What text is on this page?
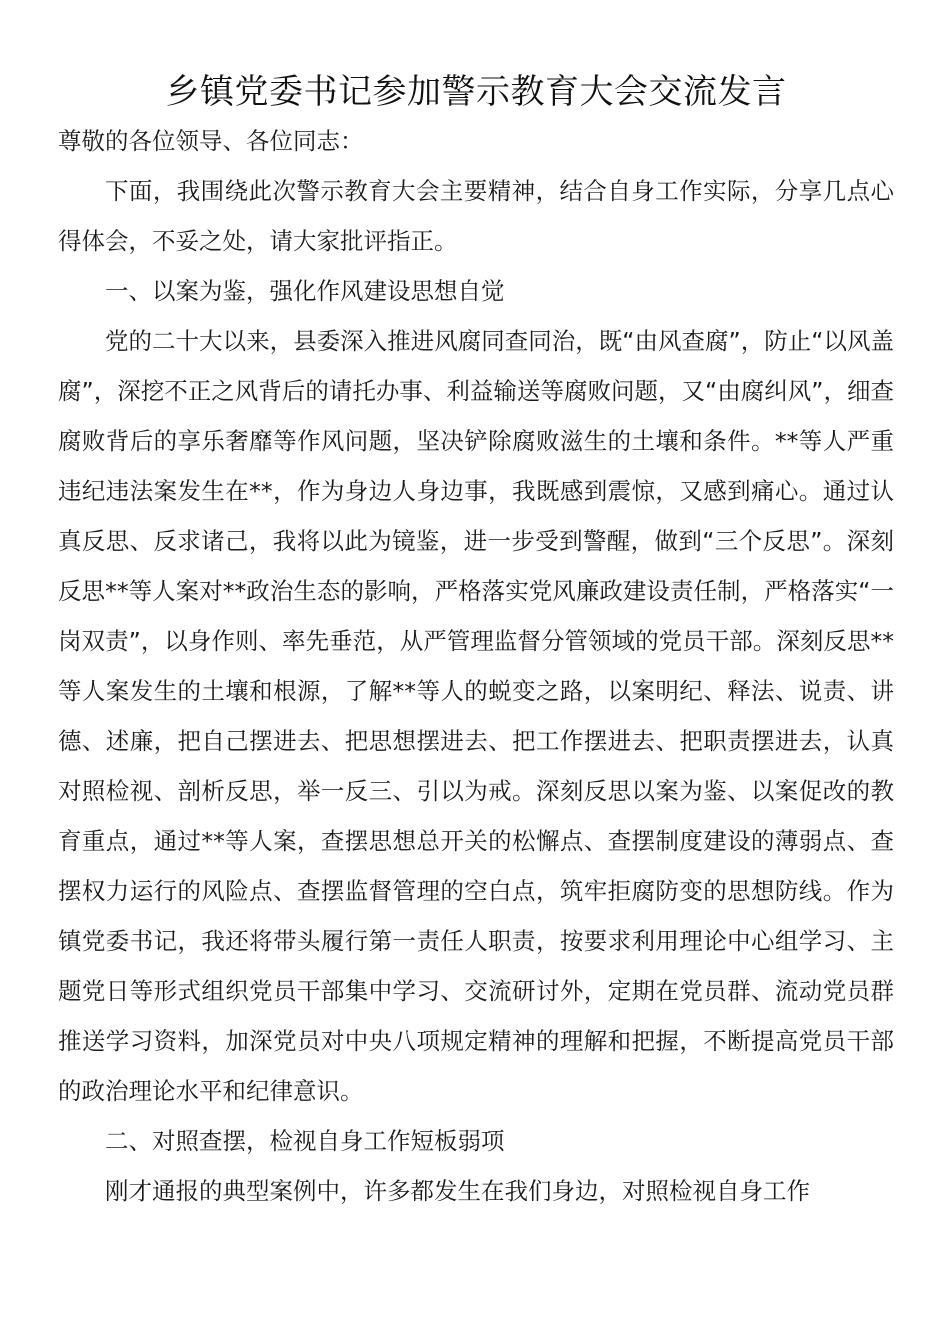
乡镇党委书记参加警示教育大会交流发言

尊敬的各位领导、各位同志：

下面，我围绕此次警示教育大会主要精神，结合自身工作实际，分享几点心得体会，不妥之处，请大家批评指正。

一、以案为鉴，强化作风建设思想自觉

党的二十大以来，县委深入推进风腐同查同治，既“由风查腐”，防止“以风盖腐”，深挖不正之风背后的请托办事、利益输送等腐败问题，又“由腐纠风”，细查腐败背后的享乐奢靡等作风问题，坚决铲除腐败滋生的土壤和条件。**等人严重违纪违法案发生在**，作为身边人身边事，我既感到震惊，又感到痛心。通过认真反思、反求诸己，我将以此为镜鉴，进一步受到警醒，做到“三个反思”。深刻反思**等人案对**政治生态的影响，严格落实党风廉政建设责任制，严格落实“一岗双责”，以身作则、率先垂范，从严管理监督分管领域的党员干部。深刻反思**等人案发生的土壤和根源，了解**等人的蜕变之路，以案明纪、释法、说责、讲德、述廉，把自己摆进去、把思想摆进去、把工作摆进去、把职责摆进去，认真对照检视、剖析反思，举一反三、引以为戒。深刻反思以案为鉴、以案促改的教育重点，通过**等人案，查摆思想总开关的松懈点、查摆制度建设的薄弱点、查摆权力运行的风险点、查摆监督管理的空白点，筑牢拒腐防变的思想防线。作为镇党委书记，我还将带头履行第一责任人职责，按要求利用理论中心组学习、主题党日等形式组织党员干部集中学习、交流研讨外，定期在党员群、流动党员群推送学习资料，加深党员对中央八项规定精神的理解和把握，不断提高党员干部的政治理论水平和纪律意识。

二、对照查摆，检视自身工作短板弱项

刚才通报的典型案例中，许多都发生在我们身边，对照检视自身工作
